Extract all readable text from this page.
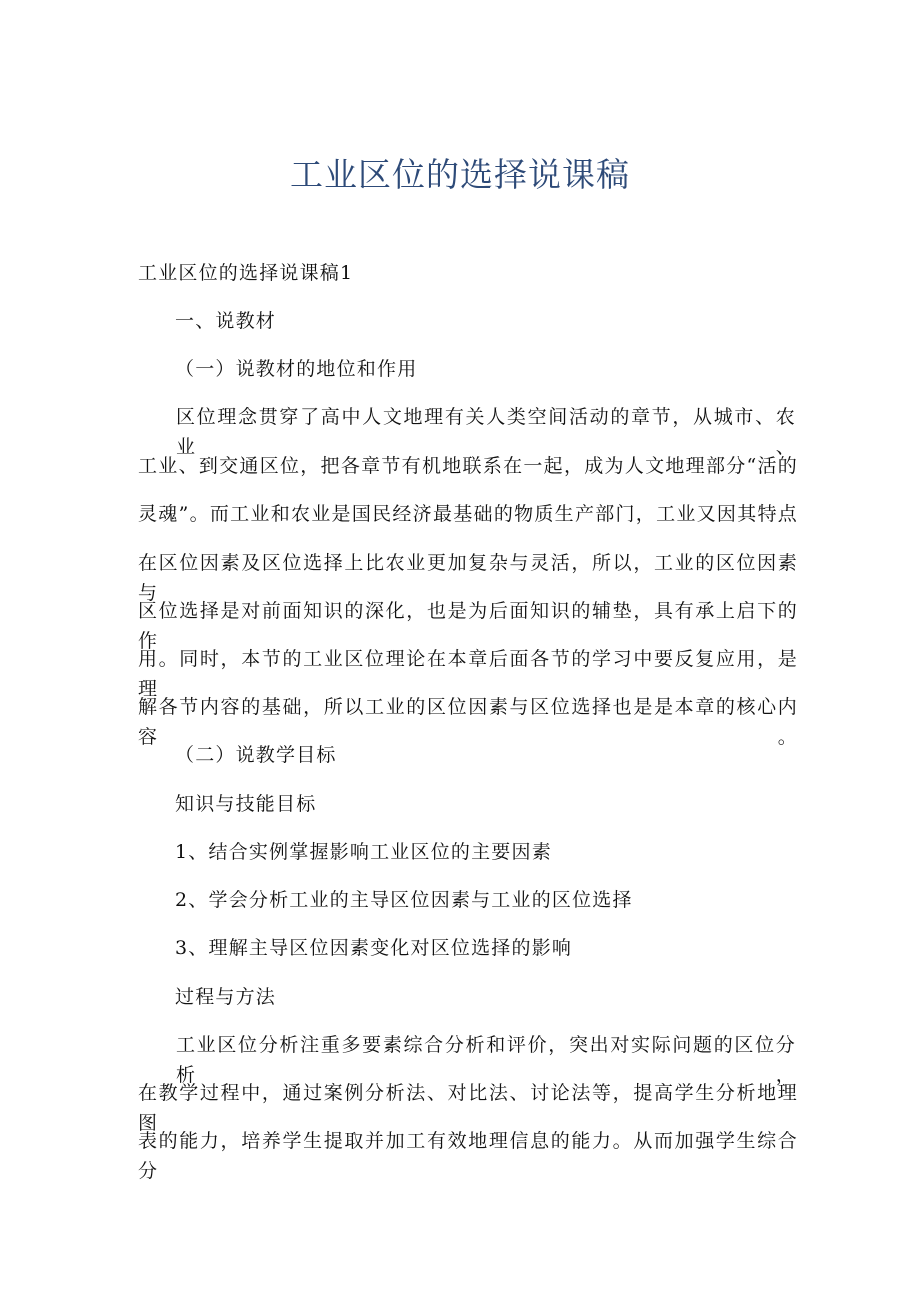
工业区位的选择说课稿

工业区位的选择说课稿1

一、说教材

（一）说教材的地位和作用

区位理念贯穿了高中人文地理有关人类空间活动的章节，从城市、农业、

工业、到交通区位，把各章节有机地联系在一起，成为人文地理部分“活的

灵魂”。而工业和农业是国民经济最基础的物质生产部门，工业又因其特点

在区位因素及区位选择上比农业更加复杂与灵活，所以，工业的区位因素与

区位选择是对前面知识的深化，也是为后面知识的辅垫，具有承上启下的作

用。同时，本节的工业区位理论在本章后面各节的学习中要反复应用，是理

解各节内容的基础，所以工业的区位因素与区位选择也是是本章的核心内容。

（二）说教学目标

知识与技能目标

1、结合实例掌握影响工业区位的主要因素

2、学会分析工业的主导区位因素与工业的区位选择

3、理解主导区位因素变化对区位选择的影响

过程与方法

工业区位分析注重多要素综合分析和评价，突出对实际问题的区位分析，

在教学过程中，通过案例分析法、对比法、讨论法等，提高学生分析地理图

表的能力，培养学生提取并加工有效地理信息的能力。从而加强学生综合分
